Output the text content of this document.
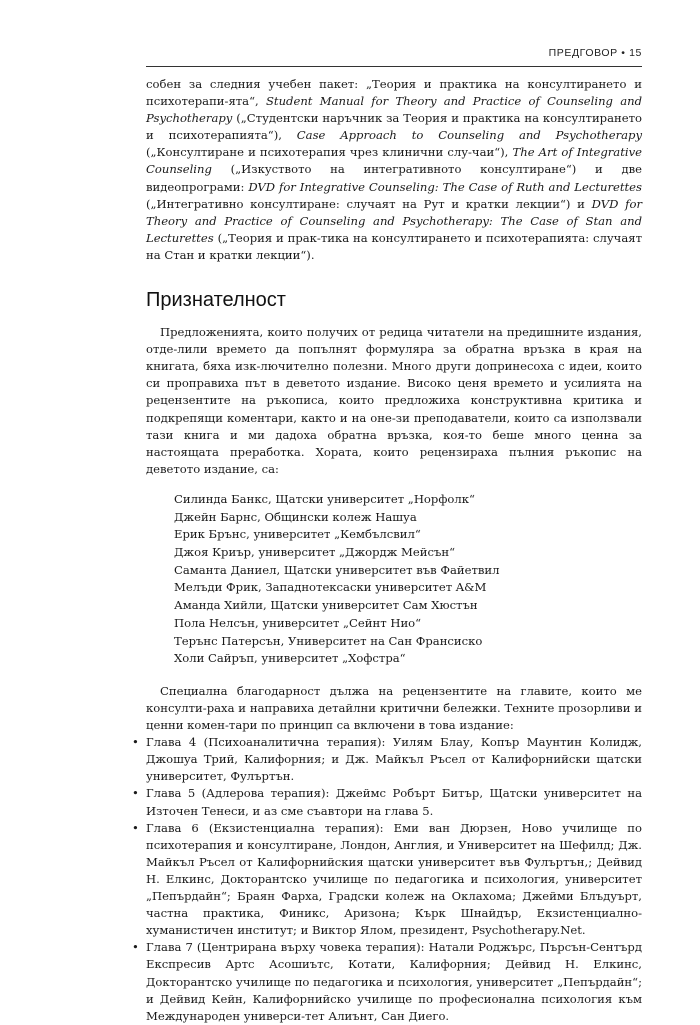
ПРЕДГОВОР • 15

собен за следния учебен пакет: „Теория и практика на консултирането и психотерапи-ята“, Student Manual for Theory and Practice of Counseling and Psychotherapy („Студентски наръчник за Теория и практика на консултирането и психотерапията“), Case Approach to Counseling and Psychotherapy („Консултиране и психотерапия чрез клинични слу-чаи“), The Art of Integrative Counseling („Изкуството на интегративното консултиране“) и две видеопрограми: DVD for Integrative Counseling: The Case of Ruth and Lecturettes („Интегративно консултиране: случаят на Рут и кратки лекции“) и DVD for Theory and Practice of Counseling and Psychotherapy: The Case of Stan and Lecturettes („Теория и прак-тика на консултирането и психотерапията: случаят на Стан и кратки лекции“).

Признателност

Предложенията, които получих от редица читатели на предишните издания, отде-лили времето да попълнят формуляра за обратна връзка в края на книгата, бяха изк-лючително полезни. Много други допринесоха с идеи, които си проправиха път в деветото издание. Високо ценя времето и усилията на рецензентите на ръкописа, които предложиха конструктивна критика и подкрепящи коментари, както и на оне-зи преподаватели, които са използвали тази книга и ми дадоха обратна връзка, коя-то беше много ценна за настоящата преработка. Хората, които рецензираха пълния ръкопис на деветото издание, са:

Силинда Банкс, Щатски университет „Норфолк“
Джейн Барнс, Общински колеж Нашуа
Ерик Брънс, университет „Кембълсвил“
Джоя Криър, университет „Джордж Мейсън“
Саманта Даниел, Щатски университет във Файетвил
Мелъди Фрик, Западнотексаски университет A&M
Аманда Хийли, Щатски университет Сам Хюстън
Пола Нелсън, университет „Сейнт Нио“
Терънс Патерсън, Университет на Сан Франсиско
Холи Сайръп, университет „Хофстра“

Специална благодарност дължа на рецензентите на главите, които ме консулти-раха и направиха детайлни критични бележки. Техните прозорливи и ценни комен-тари по принцип са включени в това издание:

• Глава 4 (Психоаналитична терапия): Уилям Блау, Копър Маунтин Колидж, Джошуа Трий, Калифорния; и Дж. Майкъл Ръсел от Калифорнийски щатски университет, Фулъртън.
• Глава 5 (Адлерова терапия): Джеймс Робърт Битър, Щатски университет на Източен Тенеси, и аз сме съавтори на глава 5.
• Глава 6 (Екзистенциална терапия): Еми ван Дюрзен, Ново училище по психотерапия и консултиране, Лондон, Англия, и Университет на Шефилд; Дж. Майкъл Ръсел от Калифорнийския щатски университет във Фулъртън,; Дейвид Н. Елкинс, Докторантско училище по педагогика и психология, университет „Пепърдайн“; Браян Фарха, Градски колеж на Оклахома; Джейми Блъдуърт, частна практика, Финикс, Аризона; Кърк Шнайдър, Екзистенциално-хуманистичен институт; и Виктор Ялом, президент, Psychotherapy.Net.
• Глава 7 (Центрирана върху човека терапия): Натали Роджърс, Пърсън-Сентърд Експресив Артс Асошиътс, Котати, Калифорния; Дейвид Н. Елкинс, Докторантско училище по педагогика и психология, университет „Пепърдайн“; и Дейвид Кейн, Калифорнийско училище по професионална психология към Международен универси-тет Алиънт, Сан Диего.
